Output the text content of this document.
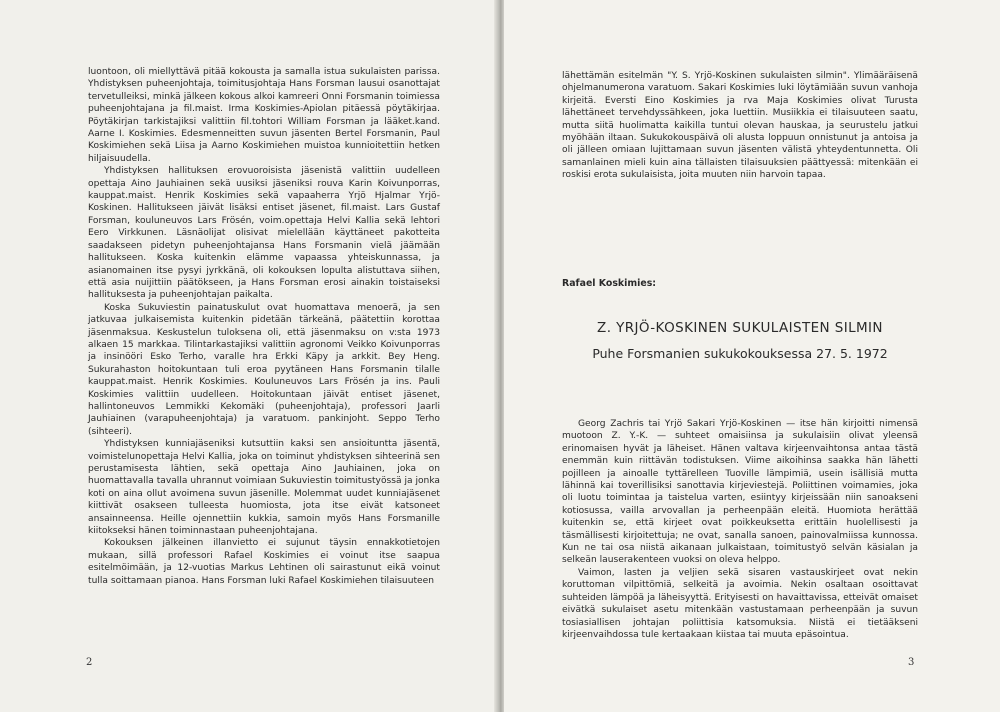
luontoon, oli miellyttävä pitää kokousta ja samalla istua sukulaisten parissa. Yhdistyksen puheenjohtaja, toimitusjohtaja Hans Forsman lausui osanottajat tervetulleiksi, minkä jälkeen kokous alkoi kamreeri Onni Forsmanin toimiessa puheenjohtajana ja fil.maist. Irma Koskimies-Apiolan pitäessä pöytäkirjaa. Pöytäkirjan tarkistajiksi valittiin fil.tohtori William Forsman ja lääket.kand. Aarne I. Koskimies. Edesmenneitten suvun jäsenten Bertel Forsmanin, Paul Koskimiehen sekä Liisa ja Aarno Koskimiehen muistoa kunnioitettiin hetken hiljaisuudella.

Yhdistyksen hallituksen erovuoroisista jäsenistä valittiin uudelleen opettaja Aino Jauhiainen sekä uusiksi jäseniksi rouva Karin Koivunporras, kauppat.maist. Henrik Koskimies sekä vapaaherra Yrjö Hjalmar Yrjö-Koskinen. Hallitukseen jäivät lisäksi entiset jäsenet, fil.maist. Lars Gustaf Forsman, kouluneuvos Lars Frösén, voim.opettaja Helvi Kallia sekä lehtori Eero Virkkunen. Läsnäolijat olisivat mielellään käyttäneet pakotteita saadakseen pidetyn puheenjohtajansa Hans Forsmanin vielä jäämään hallitukseen. Koska kuitenkin elämme vapaassa yhteiskunnassa, ja asianomainen itse pysyi jyrkkänä, oli kokouksen lopulta alistuttava siihen, että asia nuijittiin päätökseen, ja Hans Forsman erosi ainakin toistaiseksi hallituksesta ja puheenjohtajan paikalta.

Koska Sukuviestin painatuskulut ovat huomattava menoerä, ja sen jatkuvaa julkaisemista kuitenkin pidetään tärkeänä, päätettiin korottaa jäsenmaksua. Keskustelun tuloksena oli, että jäsenmaksu on v:sta 1973 alkaen 15 markkaa. Tilintarkastajiksi valittiin agronomi Veikko Koivunporras ja insinööri Esko Terho, varalle hra Erkki Käpy ja arkkit. Bey Heng. Sukurahaston hoitokuntaan tuli eroa pyytäneen Hans Forsmanin tilalle kauppat.maist. Henrik Koskimies. Kouluneuvos Lars Frösén ja ins. Pauli Koskimies valittiin uudelleen. Hoitokuntaan jäivät entiset jäsenet, hallintoneuvos Lemmikki Kekomäki (puheenjohtaja), professori Jaarli Jauhiainen (varapuheenjohtaja) ja varatuom. pankinjoht. Seppo Terho (sihteeri).

Yhdistyksen kunniajäseniksi kutsuttiin kaksi sen ansioituntta jäsentä, voimistelunopettaja Helvi Kallia, joka on toiminut yhdistyksen sihteerinä sen perustamisesta lähtien, sekä opettaja Aino Jauhiainen, joka on huomattavalla tavalla uhrannut voimiaan Sukuviestin toimitustyössä ja jonka koti on aina ollut avoimena suvun jäsenille. Molemmat uudet kunniajäsenet kiittivät osakseen tulleesta huomiosta, jota itse eivät katsoneet ansainneensa. Heille ojennettiin kukkia, samoin myös Hans Forsmanille kiitokseksi hänen toiminnastaan puheenjohtajana.

Kokouksen jälkeinen illanvietto ei sujunut täysin ennakkotietojen mukaan, sillä professori Rafael Koskimies ei voinut itse saapua esitelmöimään, ja 12-vuotias Markus Lehtinen oli sairastunut eikä voinut tulla soittamaan pianoa. Hans Forsman luki Rafael Koskimiehen tilaisuuteen

2

lähettämän esitelmän "Y. S. Yrjö-Koskinen sukulaisten silmin". Ylimääräisenä ohjelmanumerona varatuom. Sakari Koskimies luki löytämiään suvun vanhoja kirjeitä. Eversti Eino Koskimies ja rva Maja Koskimies olivat Turusta lähettäneet tervehdyssähkeen, joka luettiin. Musiikkia ei tilaisuuteen saatu, mutta siitä huolimatta kaikilla tuntui olevan hauskaa, ja seurustelu jatkui myöhään iltaan. Sukukokouspäivä oli alusta loppuun onnistunut ja antoisa ja oli jälleen omiaan lujittamaan suvun jäsenten välistä yhteydentunnetta. Oli samanlainen mieli kuin aina tällaisten tilaisuuksien päättyessä: mitenkään ei roskisi erota sukulaisista, joita muuten niin harvoin tapaa.

Rafael Koskimies:
Z. YRJÖ-KOSKINEN SUKULAISTEN SILMIN
Puhe Forsmanien sukukokouksessa 27. 5. 1972

Georg Zachris tai Yrjö Sakari Yrjö-Koskinen — itse hän kirjoitti nimensä muotoon Z. Y.-K. — suhteet omaisiinsa ja sukulaisiin olivat yleensä erinomaisen hyvät ja läheiset. Hänen valtava kirjeenvaihtonsa antaa tästä enemmän kuin riittävän todistuksen. Viime aikoihinsa saakka hän lähetti pojilleen ja ainoalle tyttärelleen Tuoville lämpimiä, usein isällisiä mutta lähinnä kai toverillisiksi sanottavia kirjeviestejä. Poliittinen voimamies, joka oli luotu toimintaa ja taistelua varten, esiintyy kirjeissään niin sanoakseni kotiosussa, vailla arvovallan ja perheenpään eleitä. Huomiota herättää kuitenkin se, että kirjeet ovat poikkeuksetta erittäin huolellisesti ja täsmällisesti kirjoitettuja; ne ovat, sanalla sanoen, painovalmiissa kunnossa. Kun ne tai osa niistä aikanaan julkaistaan, toimitustyö selvän käsialan ja selkeän lauserakenteen vuoksi on oleva helppo.

Vaimon, lasten ja veljien sekä sisaren vastauskirjeet ovat nekin koruttoman vilpittömiä, selkeitä ja avoimia. Nekin osaltaan osoittavat suhteiden lämpöä ja läheisyyttä. Erityisesti on havaittavissa, etteivät omaiset eivätkä sukulaiset asetu mitenkään vastustamaan perheenpään ja suvun tosiasiallisen johtajan poliittisia katsomuksia. Niistä ei tietääkseni kirjeenvaihdossa tule kertaakaan kiistaa tai muuta epäsointua.

3
